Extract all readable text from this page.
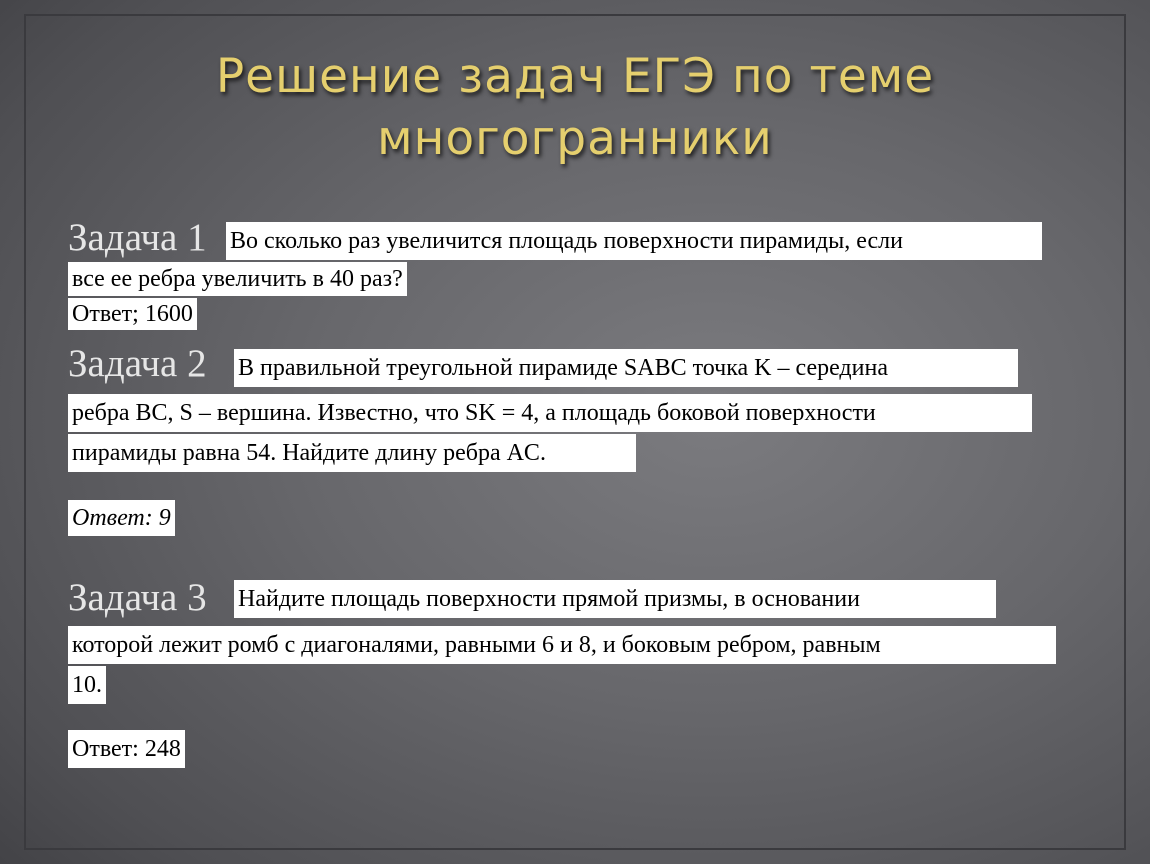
Решение задач ЕГЭ по теме
многогранники
Задача 1 Во сколько раз увеличится площадь поверхности пирамиды, если
все ее ребра увеличить в 40 раз?
Ответ; 1600
Задача 2 В правильной треугольной пирамиде SABC точка K – середина
ребра BC, S – вершина. Известно, что SK = 4, а площадь боковой поверхности
пирамиды равна 54. Найдите длину ребра AC.
Ответ: 9
Задача 3 Найдите площадь поверхности прямой призмы, в основании
которой лежит ромб с диагоналями, равными 6 и 8, и боковым ребром, равным
10.
Ответ: 248
